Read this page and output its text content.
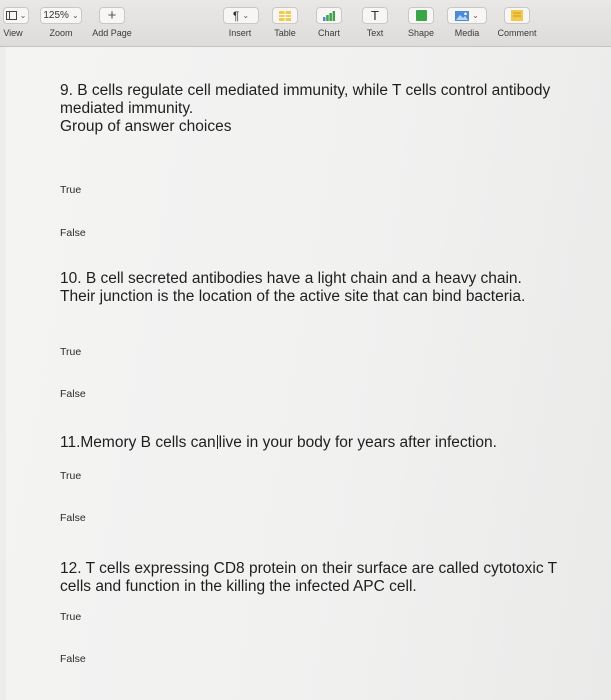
⌄
View
125% ⌄
Zoom
+
Add Page
¶ ⌄
Insert	Table Chart
T
Text	Shape
⌄
Media Comment
9. B cells regulate cell mediated immunity, while T cells control antibody mediated immunity.
Group of answer choices
True
False
10. B cell secreted antibodies have a light chain and a heavy chain. Their junction is the location of the active site that can bind bacteria.
True
False
11.Memory B cells can live in your body for years after infection.
True
False
12. T cells expressing CD8 protein on their surface are called cytotoxic T cells and function in the killing the infected APC cell.
True
False
